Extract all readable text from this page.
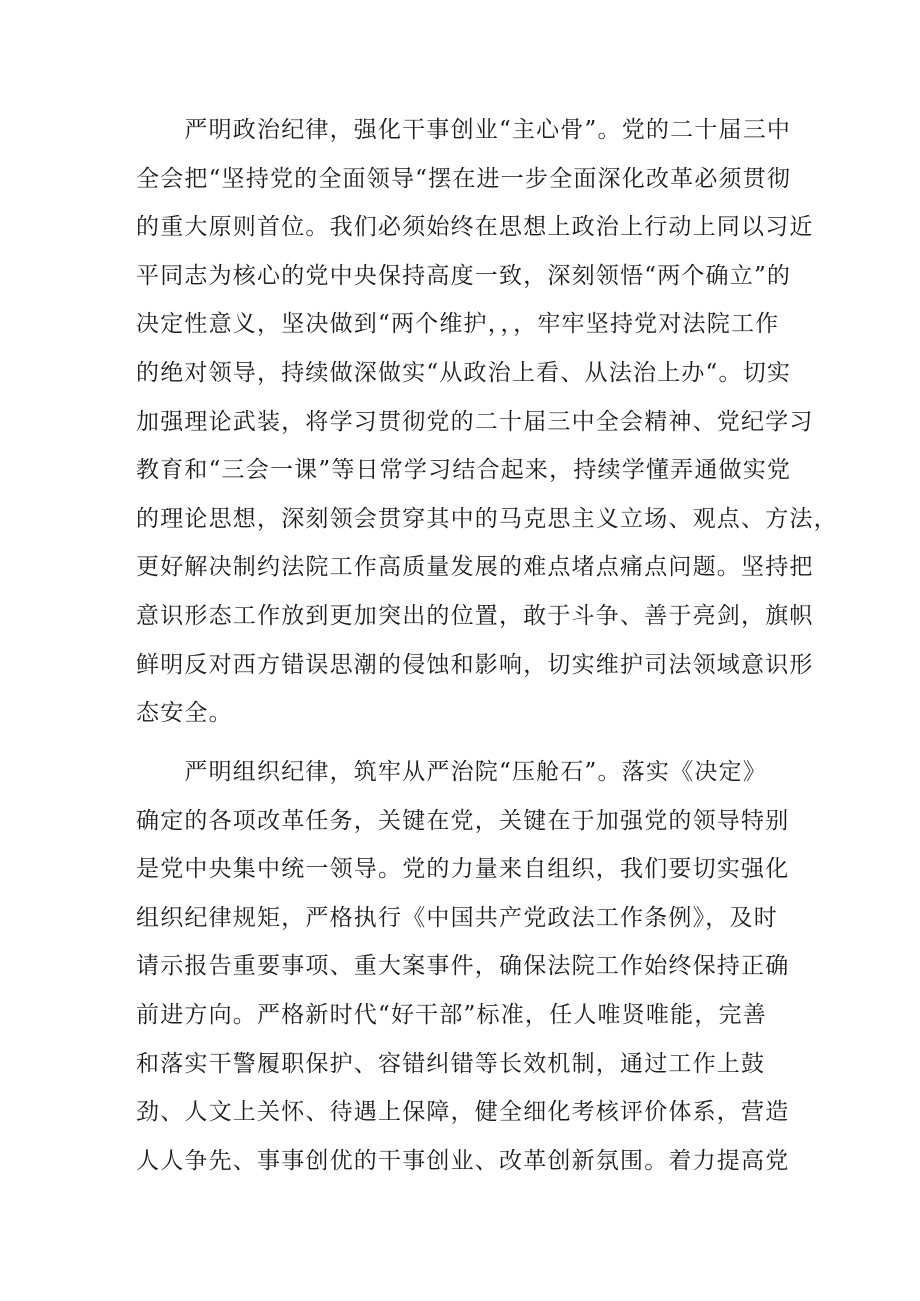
　　严明政治纪律，强化干事创业“主心骨”。党的二十届三中
全会把“坚持党的全面领导“摆在进一步全面深化改革必须贯彻
的重大原则首位。我们必须始终在思想上政治上行动上同以习近
平同志为核心的党中央保持高度一致，深刻领悟“两个确立”的
决定性意义，坚决做到“两个维护，，，牢牢坚持党对法院工作
的绝对领导，持续做深做实“从政治上看、从法治上办“。切实
加强理论武装，将学习贯彻党的二十届三中全会精神、党纪学习
教育和“三会一课”等日常学习结合起来，持续学懂弄通做实党
的理论思想，深刻领会贯穿其中的马克思主义立场、观点、方法，
更好解决制约法院工作高质量发展的难点堵点痛点问题。坚持把
意识形态工作放到更加突出的位置，敢于斗争、善于亮剑，旗帜
鲜明反对西方错误思潮的侵蚀和影响，切实维护司法领域意识形
态安全。

　　严明组织纪律，筑牢从严治院“压舱石”。落实《决定》
确定的各项改革任务，关键在党，关键在于加强党的领导特别
是党中央集中统一领导。党的力量来自组织，我们要切实强化
组织纪律规矩，严格执行《中国共产党政法工作条例》，及时
请示报告重要事项、重大案事件，确保法院工作始终保持正确
前进方向。严格新时代“好干部”标准，任人唯贤唯能，完善
和落实干警履职保护、容错纠错等长效机制，通过工作上鼓
劲、人文上关怀、待遇上保障，健全细化考核评价体系，营造
人人争先、事事创优的干事创业、改革创新氛围。着力提高党
